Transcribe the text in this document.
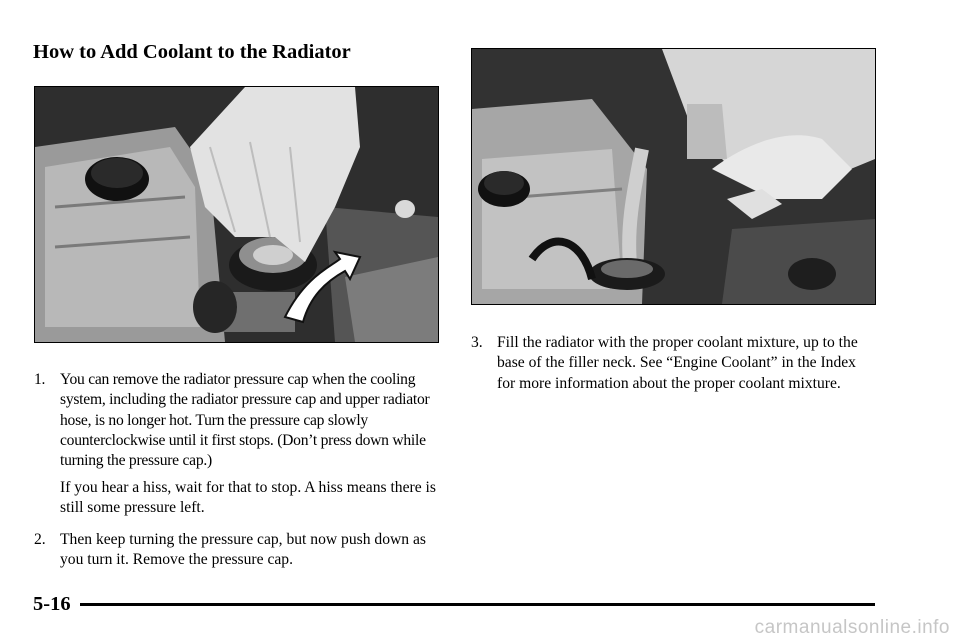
How to Add Coolant to the Radiator
1. You can remove the radiator pressure cap when the cooling system, including the radiator pressure cap and upper radiator hose, is no longer hot. Turn the pressure cap slowly counterclockwise until it first stops. (Don’t press down while turning the pressure cap.)
If you hear a hiss, wait for that to stop. A hiss means there is still some pressure left.
2. Then keep turning the pressure cap, but now push down as you turn it. Remove the pressure cap.
3. Fill the radiator with the proper coolant mixture, up to the base of the filler neck. See “Engine Coolant” in the Index for more information about the proper coolant mixture.
5-16
carmanualsonline.info
